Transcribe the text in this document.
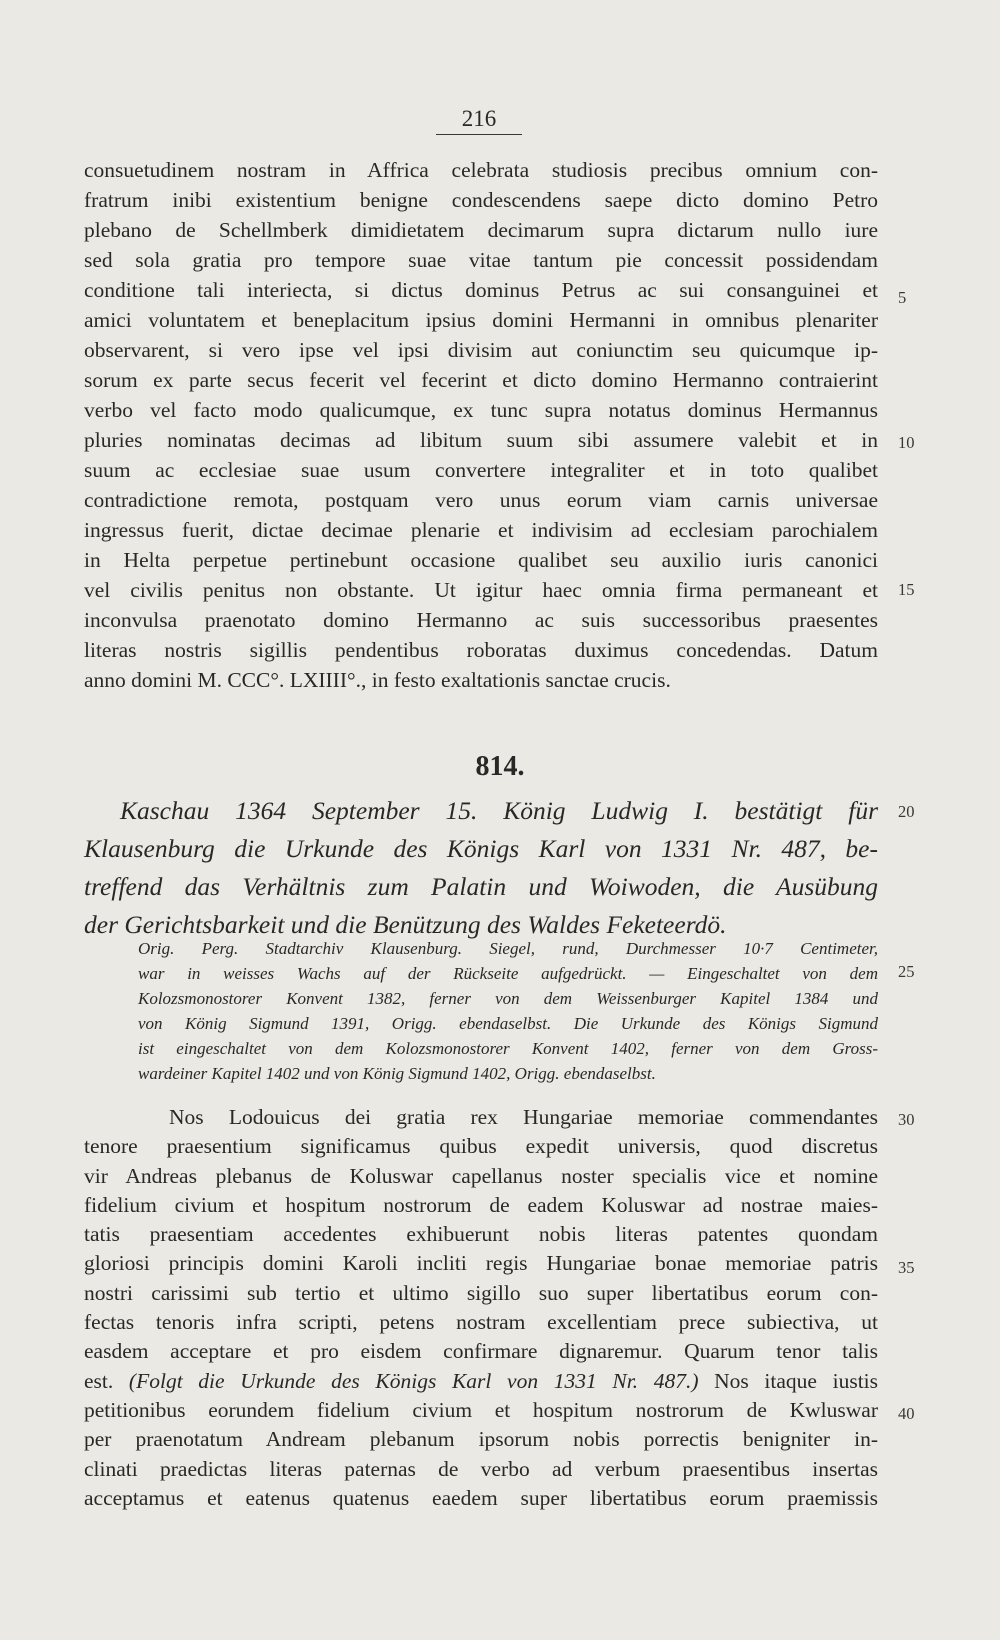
216
consuetudinem nostram in Affrica celebrata studiosis precibus omnium con-
fratrum inibi existentium benigne condescendens saepe dicto domino Petro
plebano de Schellmberk dimidietatem decimarum supra dictarum nullo iure
sed sola gratia pro tempore suae vitae tantum pie concessit possidendam
conditione tali interiecta, si dictus dominus Petrus ac sui consanguinei et
amici voluntatem et beneplacitum ipsius domini Hermanni in omnibus plenariter
observarent, si vero ipse vel ipsi divisim aut coniunctim seu quicumque ip-
sorum ex parte secus fecerit vel fecerint et dicto domino Hermanno contraierint
verbo vel facto modo qualicumque, ex tunc supra notatus dominus Hermannus
pluries nominatas decimas ad libitum suum sibi assumere valebit et in
suum ac ecclesiae suae usum convertere integraliter et in toto qualibet
contradictione remota, postquam vero unus eorum viam carnis universae
ingressus fuerit, dictae decimae plenarie et indivisim ad ecclesiam parochialem
in Helta perpetue pertinebunt occasione qualibet seu auxilio iuris canonici
vel civilis penitus non obstante. Ut igitur haec omnia firma permaneant et
inconvulsa praenotato domino Hermanno ac suis successoribus praesentes
literas nostris sigillis pendentibus roboratas duximus concedendas. Datum
anno domini M. CCC°. LXIIII°., in festo exaltationis sanctae crucis.
814.
Kaschau 1364 September 15. König Ludwig I. bestätigt für
Klausenburg die Urkunde des Königs Karl von 1331 Nr. 487, be-
treffend das Verhältnis zum Palatin und Woiwoden, die Ausübung
der Gerichtsbarkeit und die Benützung des Waldes Feketeerdö.
Orig. Perg. Stadtarchiv Klausenburg. Siegel, rund, Durchmesser 10·7 Centimeter,
war in weisses Wachs auf der Rückseite aufgedrückt. — Eingeschaltet von dem
Kolozsmonostorer Konvent 1382, ferner von dem Weissenburger Kapitel 1384 und
von König Sigmund 1391, Origg. ebendaselbst. Die Urkunde des Königs Sigmund
ist eingeschaltet von dem Kolozsmonostorer Konvent 1402, ferner von dem Gross-
wardeiner Kapitel 1402 und von König Sigmund 1402, Origg. ebendaselbst.
Nos Lodouicus dei gratia rex Hungariae memoriae commendantes
tenore praesentium significamus quibus expedit universis, quod discretus
vir Andreas plebanus de Koluswar capellanus noster specialis vice et nomine
fidelium civium et hospitum nostrorum de eadem Koluswar ad nostrae maies-
tatis praesentiam accedentes exhibuerunt nobis literas patentes quondam
gloriosi principis domini Karoli incliti regis Hungariae bonae memoriae patris
nostri carissimi sub tertio et ultimo sigillo suo super libertatibus eorum con-
fectas tenoris infra scripti, petens nostram excellentiam prece subiectiva, ut
easdem acceptare et pro eisdem confirmare dignaremur. Quarum tenor talis
est. (Folgt die Urkunde des Königs Karl von 1331 Nr. 487.) Nos itaque iustis
petitionibus eorundem fidelium civium et hospitum nostrorum de Kwluswar
per praenotatum Andream plebanum ipsorum nobis porrectis benigniter in-
clinati praedictas literas paternas de verbo ad verbum praesentibus insertas
acceptamus et eatenus quatenus eaedem super libertatibus eorum praemissis
5
10
15
20
25
30
35
40
